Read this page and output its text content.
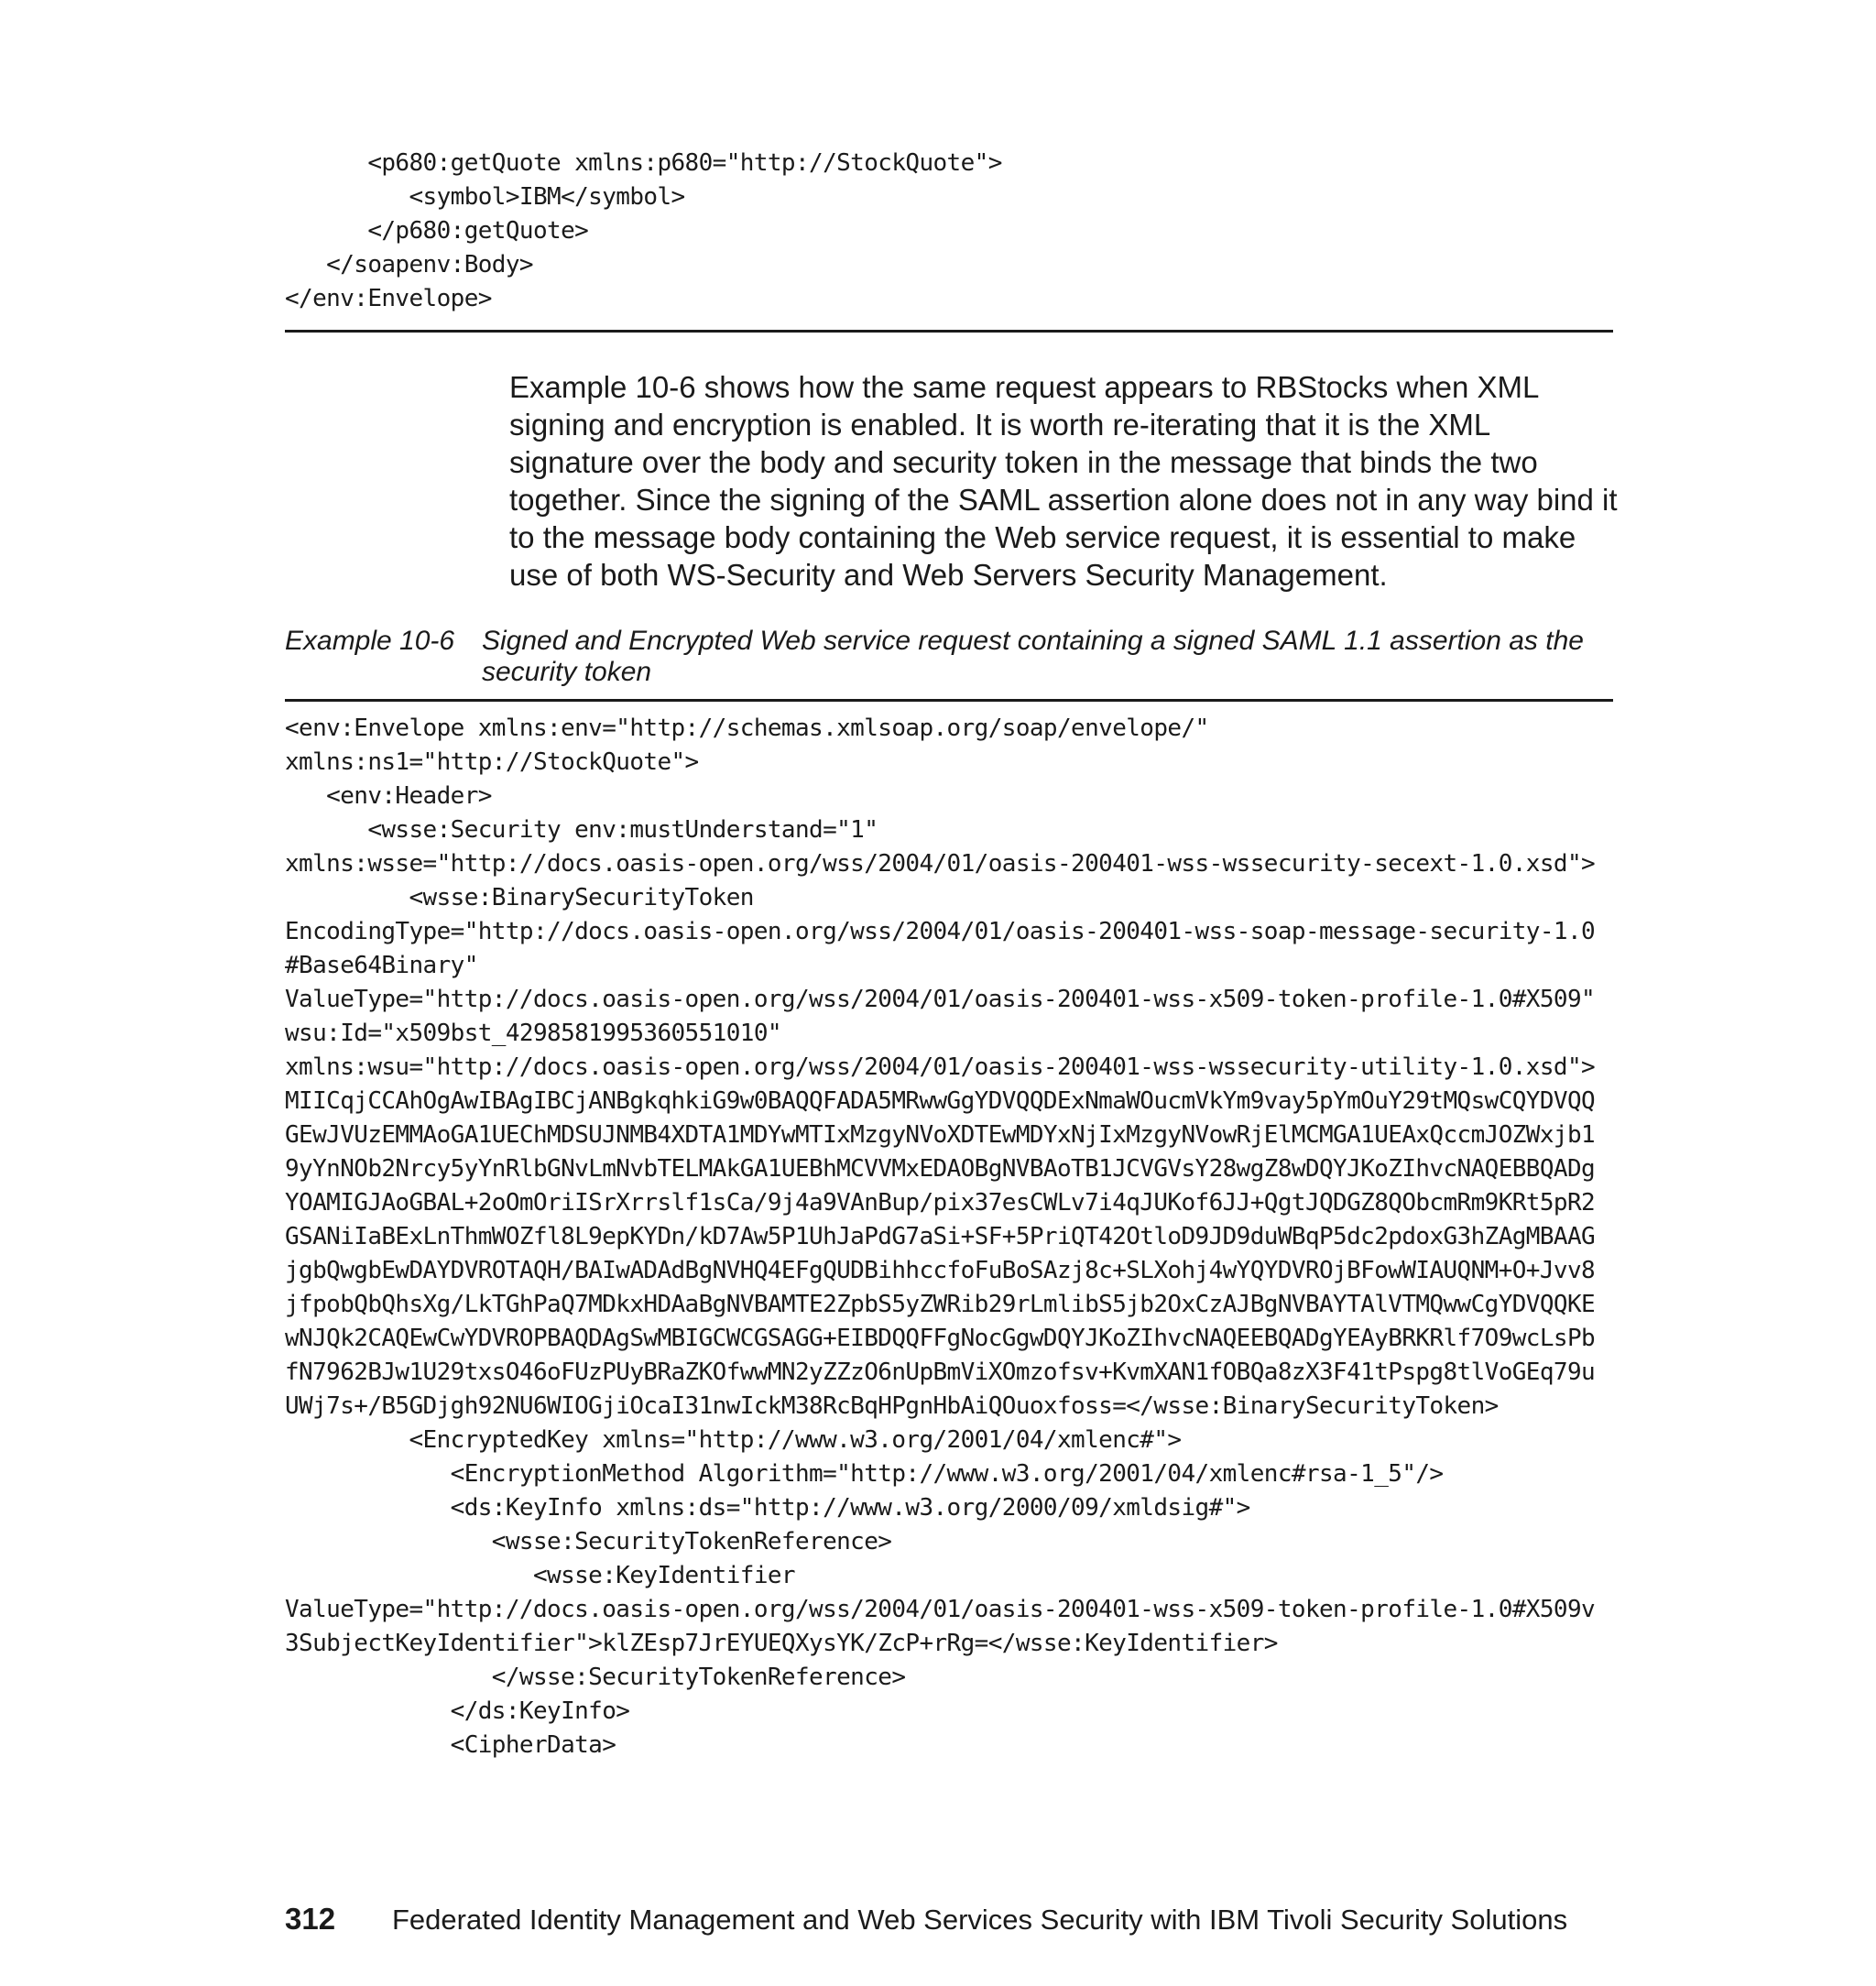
<p680:getQuote xmlns:p680="http://StockQuote">
<symbol>IBM</symbol>
</p680:getQuote>
</soapenv:Body>
</env:Envelope>

Example 10-6 shows how the same request appears to RBStocks when XML signing and encryption is enabled. It is worth re-iterating that it is the XML signature over the body and security token in the message that binds the two together. Since the signing of the SAML assertion alone does not in any way bind it to the message body containing the Web service request, it is essential to make use of both WS-Security and Web Servers Security Management.

Example 10-6 Signed and Encrypted Web service request containing a signed SAML 1.1 assertion as the security token
<env:Envelope xmlns:env="http://schemas.xmlsoap.org/soap/envelope/"
xmlns:ns1="http://StockQuote">
<env:Header>
<wsse:Security env:mustUnderstand="1"
xmlns:wsse="http://docs.oasis-open.org/wss/2004/01/oasis-200401-wss-wssecurity-secext-1.0.xsd">
<wsse:BinarySecurityToken
EncodingType="http://docs.oasis-open.org/wss/2004/01/oasis-200401-wss-soap-message-security-1.0
#Base64Binary"
ValueType="http://docs.oasis-open.org/wss/2004/01/oasis-200401-wss-x509-token-profile-1.0#X509"
wsu:Id="x509bst_4298581995360551010"
xmlns:wsu="http://docs.oasis-open.org/wss/2004/01/oasis-200401-wss-wssecurity-utility-1.0.xsd">
MIICqjCCAhOgAwIBAgIBCjANBgkqhkiG9w0BAQQFADA5MRwwGgYDVQQDExNmaWOucmVkYm9vay5pYmOuY29tMQswCQYDVQQ
GEwJVUzEMMAoGA1UEChMDSUJNMB4XDTA1MDYwMTIxMzgyNVoXDTEwMDYxNjIxMzgyNVowRjElMCMGA1UEAxQccmJOZWxjb1
9yYnNOb2Nrcy5yYnRlbGNvLmNvbTELMAkGA1UEBhMCVVMxEDAOBgNVBAoTB1JCVGVsY28wgZ8wDQYJKoZIhvcNAQEBBQADg
YOAMIGJAoGBAL+2oOmOriISrXrrslf1sCa/9j4a9VAnBup/pix37esCWLv7i4qJUKof6JJ+QgtJQDGZ8QObcmRm9KRt5pR2
GSANiIaBExLnThmWOZfl8L9epKYDn/kD7Aw5P1UhJaPdG7aSi+SF+5PriQT42OtloD9JD9duWBqP5dc2pdoxG3hZAgMBAAG
jgbQwgbEwDAYDVROTAQH/BAIwADAdBgNVHQ4EFgQUDBihhccfoFuBoSAzj8c+SLXohj4wYQYDVROjBFowWIAUQNM+O+Jvv8
jfpobQbQhsXg/LkTGhPaQ7MDkxHDAaBgNVBAMTE2ZpbS5yZWRib29rLmlibS5jb2OxCzAJBgNVBAYTAlVTMQwwCgYDVQQKE
wNJQk2CAQEwCwYDVROPBAQDAgSwMBIGCWCGSAGG+EIBDQQFFgNocGgwDQYJKoZIhvcNAQEEBQADgYEAyBRKRlf7O9wcLsPb
fN7962BJw1U29txsO46oFUzPUyBRaZKOfwwMN2yZZzO6nUpBmViXOmzofsv+KvmXAN1fOBQa8zX3F41tPspg8tlVoGEq79u
UWj7s+/B5GDjgh92NU6WIOGjiOcaI31nwIckM38RcBqHPgnHbAiQOuoxfoss=</wsse:BinarySecurityToken>
<EncryptedKey xmlns="http://www.w3.org/2001/04/xmlenc#">
<EncryptionMethod Algorithm="http://www.w3.org/2001/04/xmlenc#rsa-1_5"/>
<ds:KeyInfo xmlns:ds="http://www.w3.org/2000/09/xmldsig#">
<wsse:SecurityTokenReference>
<wsse:KeyIdentifier
ValueType="http://docs.oasis-open.org/wss/2004/01/oasis-200401-wss-x509-token-profile-1.0#X509v
3SubjectKeyIdentifier">klZEsp7JrEYUEQXysYK/ZcP+rRg=</wsse:KeyIdentifier>
</wsse:SecurityTokenReference>
</ds:KeyInfo>
<CipherData>
312 Federated Identity Management and Web Services Security with IBM Tivoli Security Solutions
